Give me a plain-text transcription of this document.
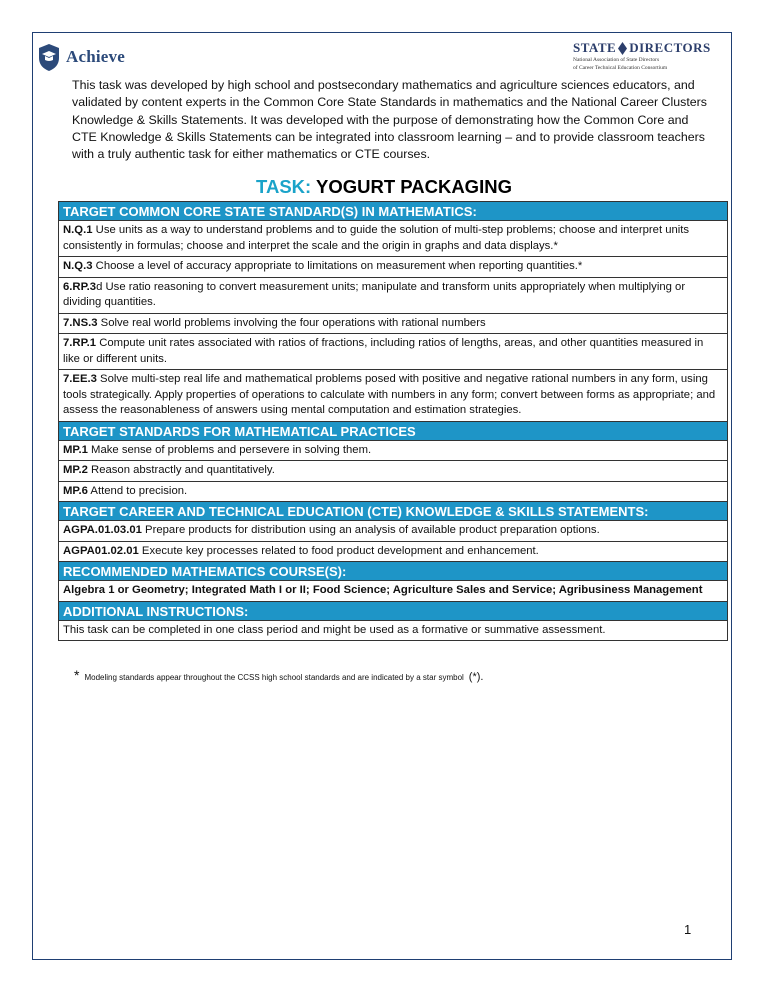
Achieve	STATE DIRECTORS
National Association of State Directors
of Career Technical Education Consortium

This task was developed by high school and postsecondary mathematics and agriculture sciences educators, and validated by content experts in the Common Core State Standards in mathematics and the National Career Clusters Knowledge & Skills Statements. It was developed with the purpose of demonstrating how the Common Core and CTE Knowledge & Skills Statements can be integrated into classroom learning – and to provide classroom teachers with a truly authentic task for either mathematics or CTE courses.

TASK: YOGURT PACKAGING
TARGET COMMON CORE STATE STANDARD(S) IN MATHEMATICS:
N.Q.1 Use units as a way to understand problems and to guide the solution of multi-step problems; choose and interpret units consistently in formulas; choose and interpret the scale and the origin in graphs and data displays.*
N.Q.3 Choose a level of accuracy appropriate to limitations on measurement when reporting quantities.*
6.RP.3d Use ratio reasoning to convert measurement units; manipulate and transform units appropriately when multiplying or dividing quantities.
7.NS.3 Solve real world problems involving the four operations with rational numbers
7.RP.1 Compute unit rates associated with ratios of fractions, including ratios of lengths, areas, and other quantities measured in like or different units.
7.EE.3 Solve multi-step real life and mathematical problems posed with positive and negative rational numbers in any form, using tools strategically. Apply properties of operations to calculate with numbers in any form; convert between forms as appropriate; and assess the reasonableness of answers using mental computation and estimation strategies.
TARGET STANDARDS FOR MATHEMATICAL PRACTICES
MP.1 Make sense of problems and persevere in solving them.
MP.2 Reason abstractly and quantitatively.
MP.6 Attend to precision.
TARGET CAREER AND TECHNICAL EDUCATION (CTE) KNOWLEDGE & SKILLS STATEMENTS:
AGPA.01.03.01 Prepare products for distribution using an analysis of available product preparation options.
AGPA01.02.01 Execute key processes related to food product development and enhancement.
RECOMMENDED MATHEMATICS COURSE(S):
Algebra 1 or Geometry; Integrated Math I or II; Food Science; Agriculture Sales and Service; Agribusiness Management
ADDITIONAL INSTRUCTIONS:
This task can be completed in one class period and might be used as a formative or summative assessment.
* Modeling standards appear throughout the CCSS high school standards and are indicated by a star symbol (*).
1
